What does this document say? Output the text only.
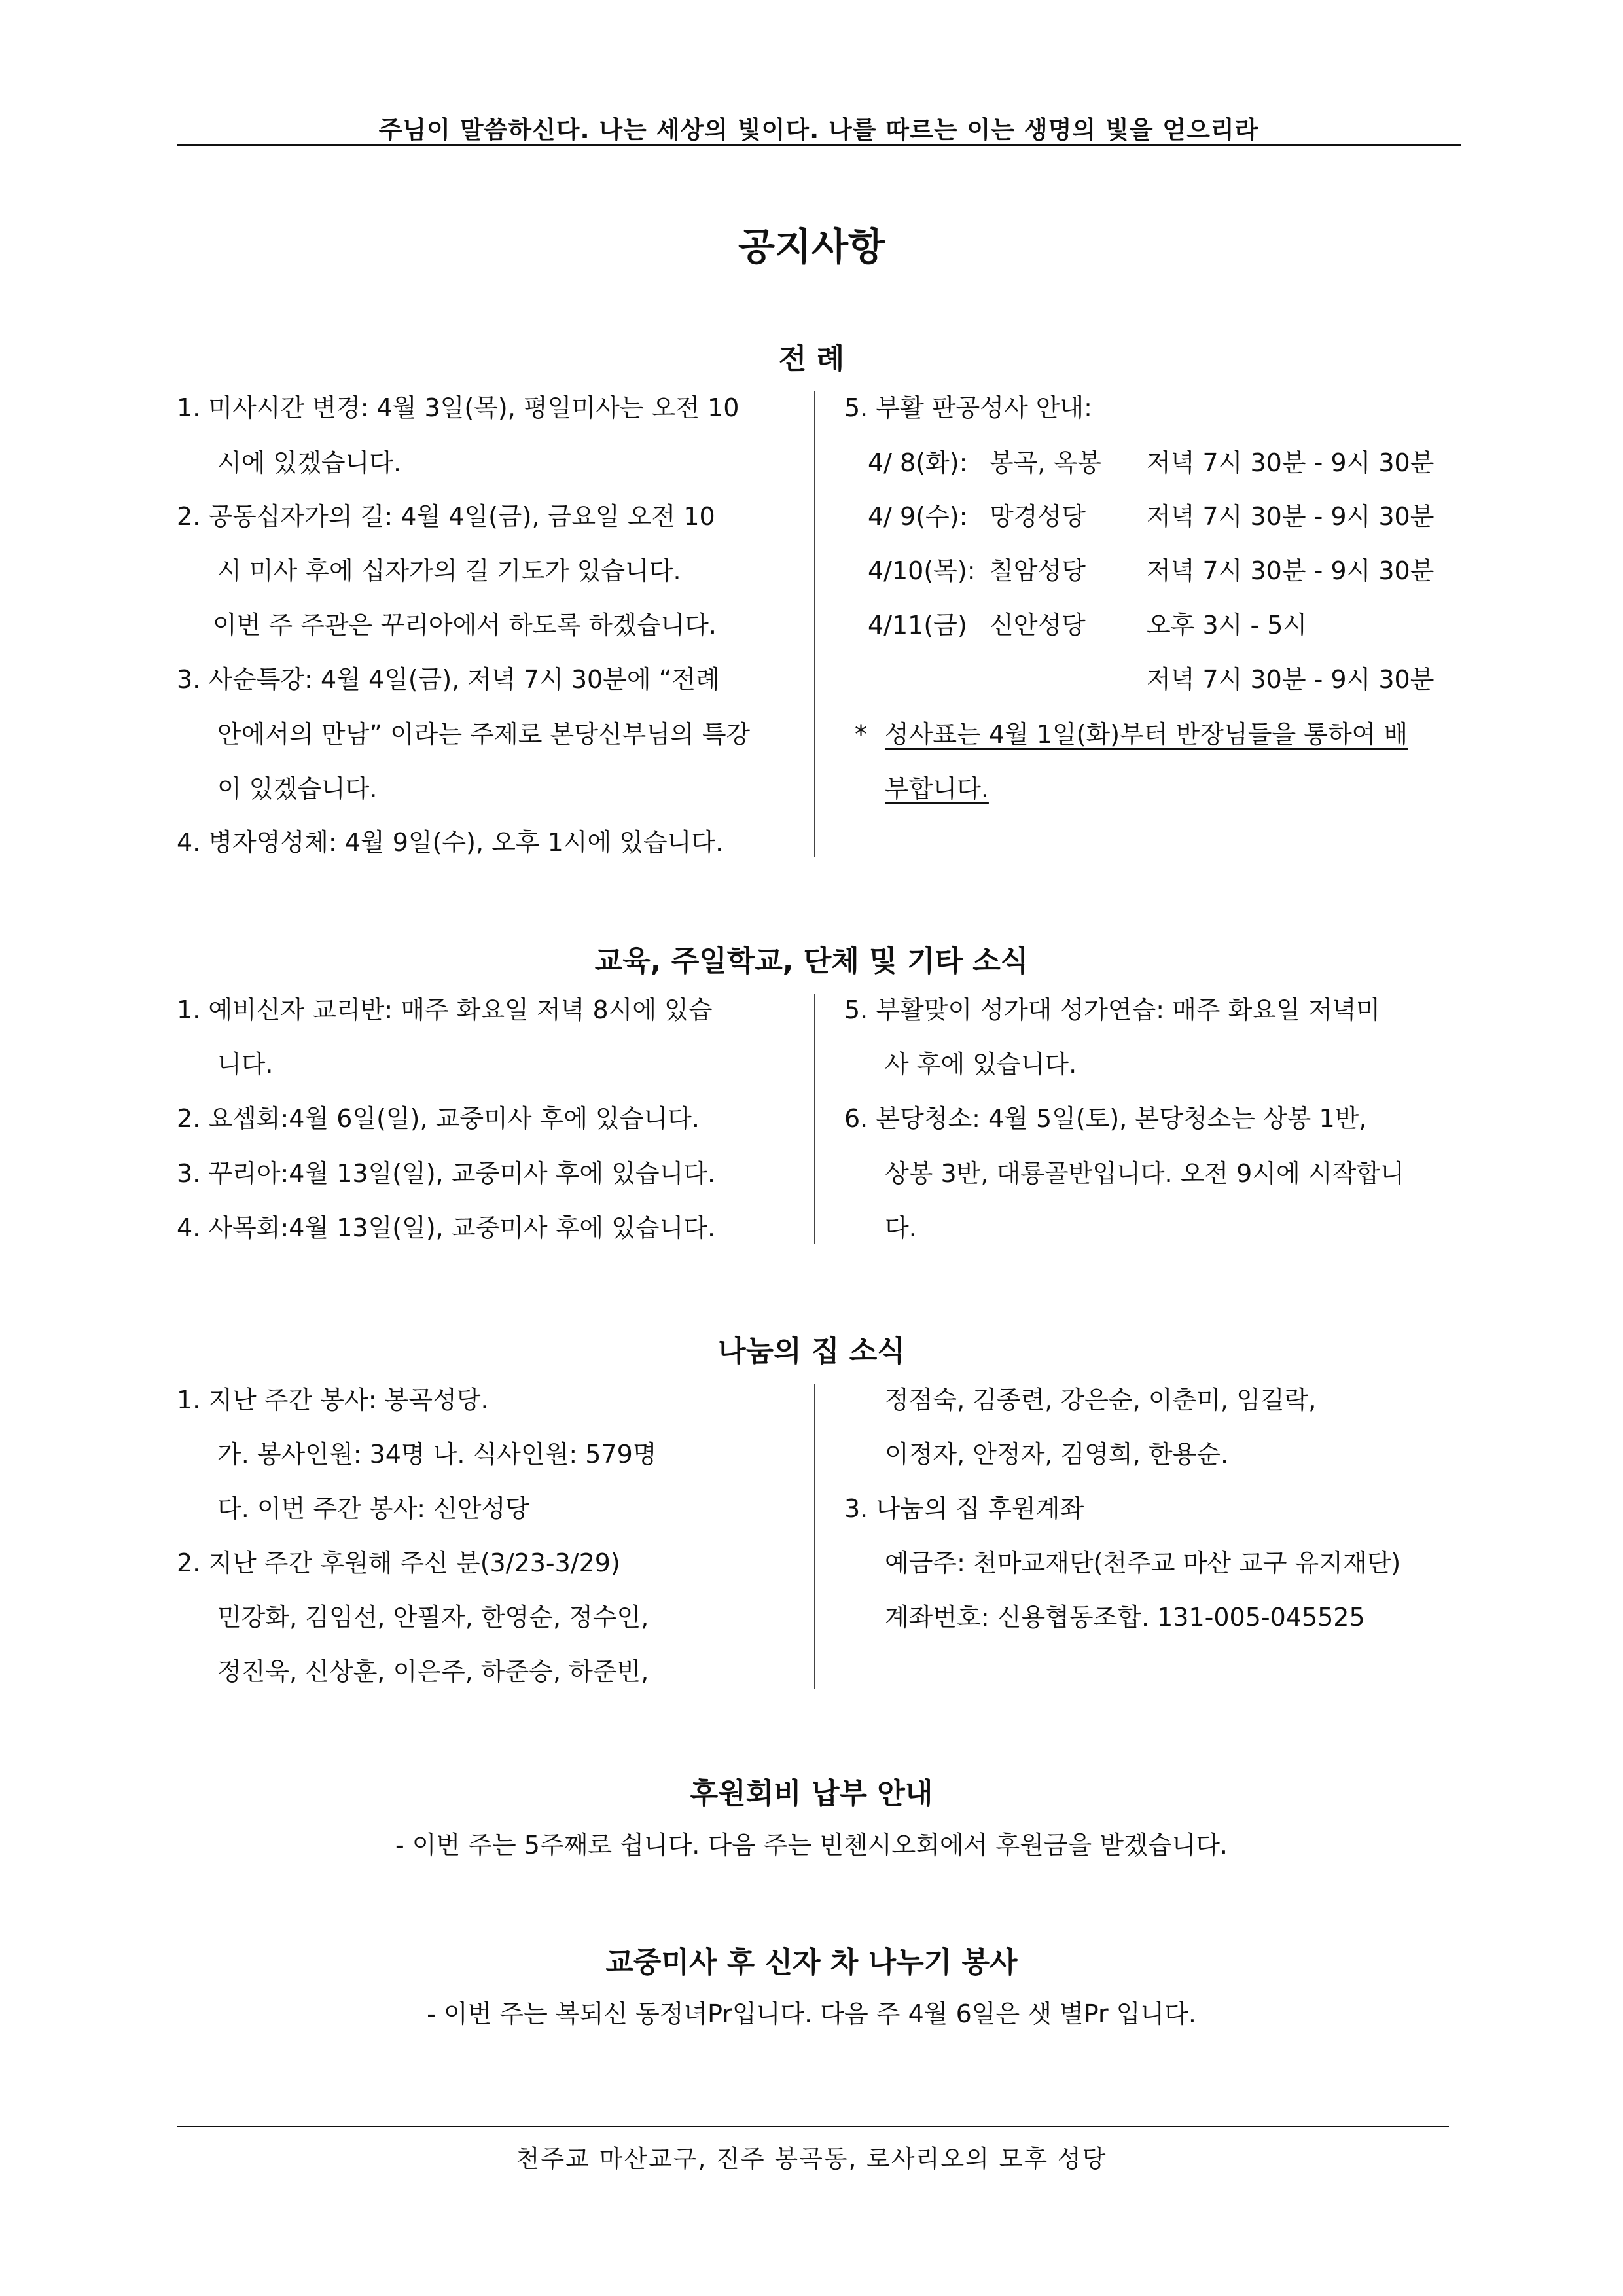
주님이 말씀하신다. 나는 세상의 빛이다. 나를 따르는 이는 생명의 빛을 얻으리라
공지사항
전 례
1. 미사시간 변경: 4월 3일(목), 평일미사는 오전 10
시에 있겠습니다.
2. 공동십자가의 길: 4월 4일(금), 금요일 오전 10
시 미사 후에 십자가의 길 기도가 있습니다.
이번 주 주관은 꾸리아에서 하도록 하겠습니다.
3. 사순특강: 4월 4일(금), 저녁 7시 30분에 “전례
안에서의 만남” 이라는 주제로 본당신부님의 특강
이 있겠습니다.
4. 병자영성체: 4월 9일(수), 오후 1시에 있습니다.
5. 부활 판공성사 안내:
4/ 8(화): 봉곡, 옥봉 저녁 7시 30분 - 9시 30분
4/ 9(수): 망경성당 저녁 7시 30분 - 9시 30분
4/10(목): 칠암성당 저녁 7시 30분 - 9시 30분
4/11(금) 신안성당 오후 3시 - 5시
저녁 7시 30분 - 9시 30분
* 성사표는 4월 1일(화)부터 반장님들을 통하여 배
부합니다.
교육, 주일학교, 단체 및 기타 소식
1. 예비신자 교리반: 매주 화요일 저녁 8시에 있습
니다.
2. 요셉회:4월 6일(일), 교중미사 후에 있습니다.
3. 꾸리아:4월 13일(일), 교중미사 후에 있습니다.
4. 사목회:4월 13일(일), 교중미사 후에 있습니다.
5. 부활맞이 성가대 성가연습: 매주 화요일 저녁미
사 후에 있습니다.
6. 본당청소: 4월 5일(토), 본당청소는 상봉 1반,
상봉 3반, 대룡골반입니다. 오전 9시에 시작합니
다.
나눔의 집 소식
1. 지난 주간 봉사: 봉곡성당.
가. 봉사인원: 34명 나. 식사인원: 579명
다. 이번 주간 봉사: 신안성당
2. 지난 주간 후원해 주신 분(3/23-3/29)
민강화, 김임선, 안필자, 한영순, 정수인,
정진욱, 신상훈, 이은주, 하준승, 하준빈,
정점숙, 김종련, 강은순, 이춘미, 임길락,
이정자, 안정자, 김영희, 한용순.
3. 나눔의 집 후원계좌
예금주: 천마교재단(천주교 마산 교구 유지재단)
계좌번호: 신용협동조합. 131-005-045525
후원회비 납부 안내
- 이번 주는 5주째로 쉽니다. 다음 주는 빈첸시오회에서 후원금을 받겠습니다.
교중미사 후 신자 차 나누기 봉사
- 이번 주는 복되신 동정녀Pr입니다. 다음 주 4월 6일은 샛 별Pr 입니다.
천주교 마산교구, 진주 봉곡동, 로사리오의 모후 성당
